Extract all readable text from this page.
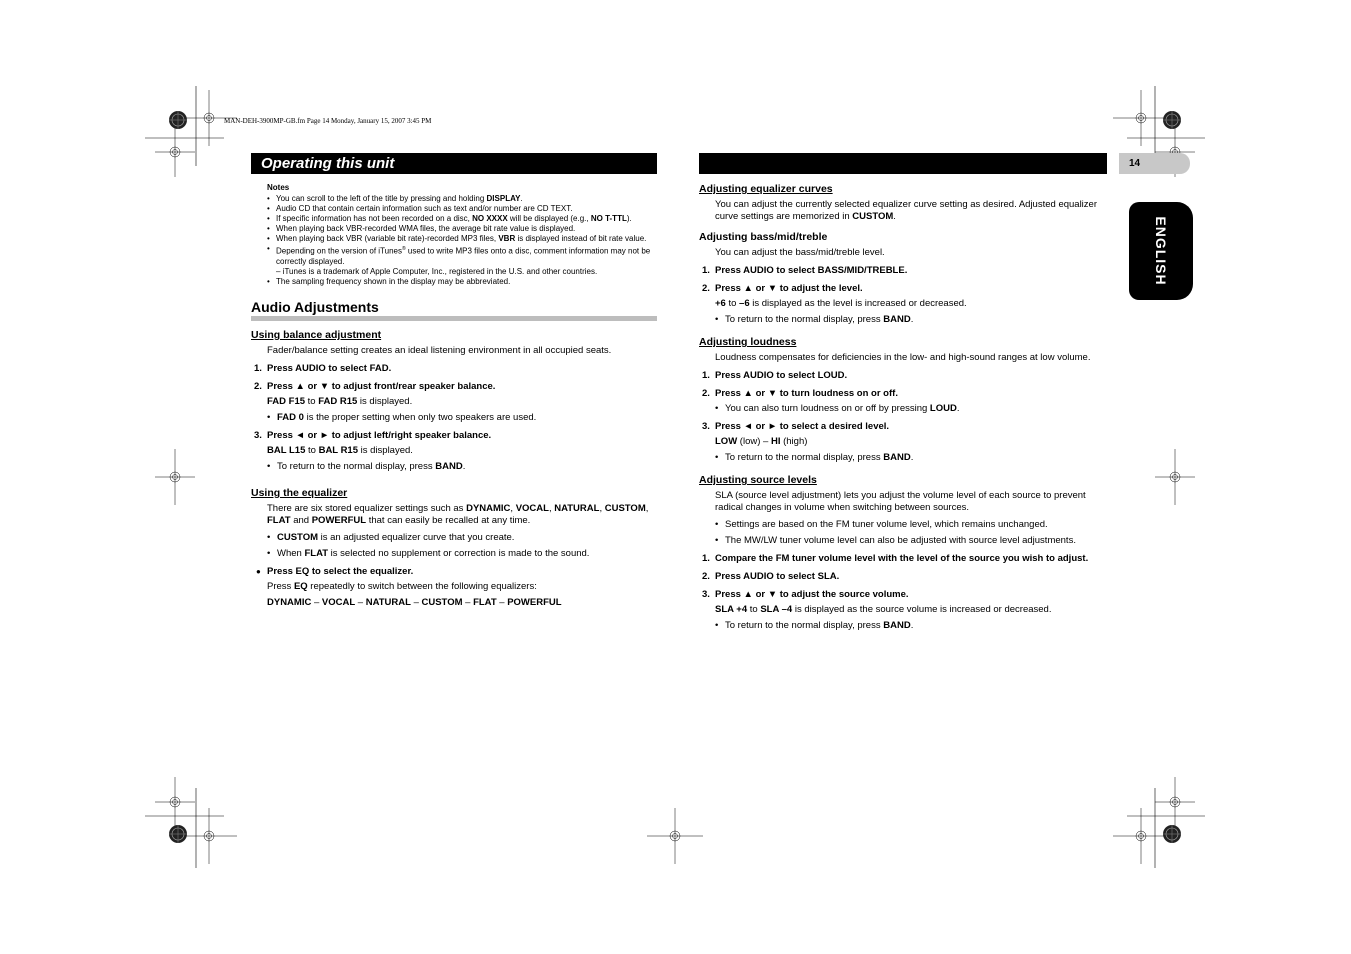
MAN-DEH-3900MP-GB.fm Page 14 Monday, January 15, 2007 3:45 PM
Operating this unit	14
ENGLISH
Notes
• You can scroll to the left of the title by pressing and holding DISPLAY.
• Audio CD that contain certain information such as text and/or number are CD TEXT.
• If specific information has not been recorded on a disc, NO XXXX will be displayed (e.g., NO T-TTL).
• When playing back VBR-recorded WMA files, the average bit rate value is displayed.
• When playing back VBR (variable bit rate)-recorded MP3 files, VBR is displayed instead of bit rate value.
• Depending on the version of iTunes® used to write MP3 files onto a disc, comment information may not be correctly displayed.
– iTunes is a trademark of Apple Computer, Inc., registered in the U.S. and other countries.
• The sampling frequency shown in the display may be abbreviated.
Audio Adjustments
Using balance adjustment
Fader/balance setting creates an ideal listening environment in all occupied seats.
1. Press AUDIO to select FAD.
2. Press ▲ or ▼ to adjust front/rear speaker balance.
FAD F15 to FAD R15 is displayed.
• FAD 0 is the proper setting when only two speakers are used.
3. Press ◄ or ► to adjust left/right speaker balance.
BAL L15 to BAL R15 is displayed.
• To return to the normal display, press BAND.
Using the equalizer
There are six stored equalizer settings such as DYNAMIC, VOCAL, NATURAL, CUSTOM, FLAT and POWERFUL that can easily be recalled at any time.
• CUSTOM is an adjusted equalizer curve that you create.
• When FLAT is selected no supplement or correction is made to the sound.
● Press EQ to select the equalizer.
Press EQ repeatedly to switch between the following equalizers:
DYNAMIC – VOCAL – NATURAL – CUSTOM – FLAT – POWERFUL
Adjusting equalizer curves
You can adjust the currently selected equalizer curve setting as desired. Adjusted equalizer curve settings are memorized in CUSTOM.
Adjusting bass/mid/treble
You can adjust the bass/mid/treble level.
1. Press AUDIO to select BASS/MID/TREBLE.
2. Press ▲ or ▼ to adjust the level.
+6 to –6 is displayed as the level is increased or decreased.
• To return to the normal display, press BAND.
Adjusting loudness
Loudness compensates for deficiencies in the low- and high-sound ranges at low volume.
1. Press AUDIO to select LOUD.
2. Press ▲ or ▼ to turn loudness on or off.
• You can also turn loudness on or off by pressing LOUD.
3. Press ◄ or ► to select a desired level.
LOW (low) – HI (high)
• To return to the normal display, press BAND.
Adjusting source levels
SLA (source level adjustment) lets you adjust the volume level of each source to prevent radical changes in volume when switching between sources.
• Settings are based on the FM tuner volume level, which remains unchanged.
• The MW/LW tuner volume level can also be adjusted with source level adjustments.
1. Compare the FM tuner volume level with the level of the source you wish to adjust.
2. Press AUDIO to select SLA.
3. Press ▲ or ▼ to adjust the source volume.
SLA +4 to SLA –4 is displayed as the source volume is increased or decreased.
• To return to the normal display, press BAND.
